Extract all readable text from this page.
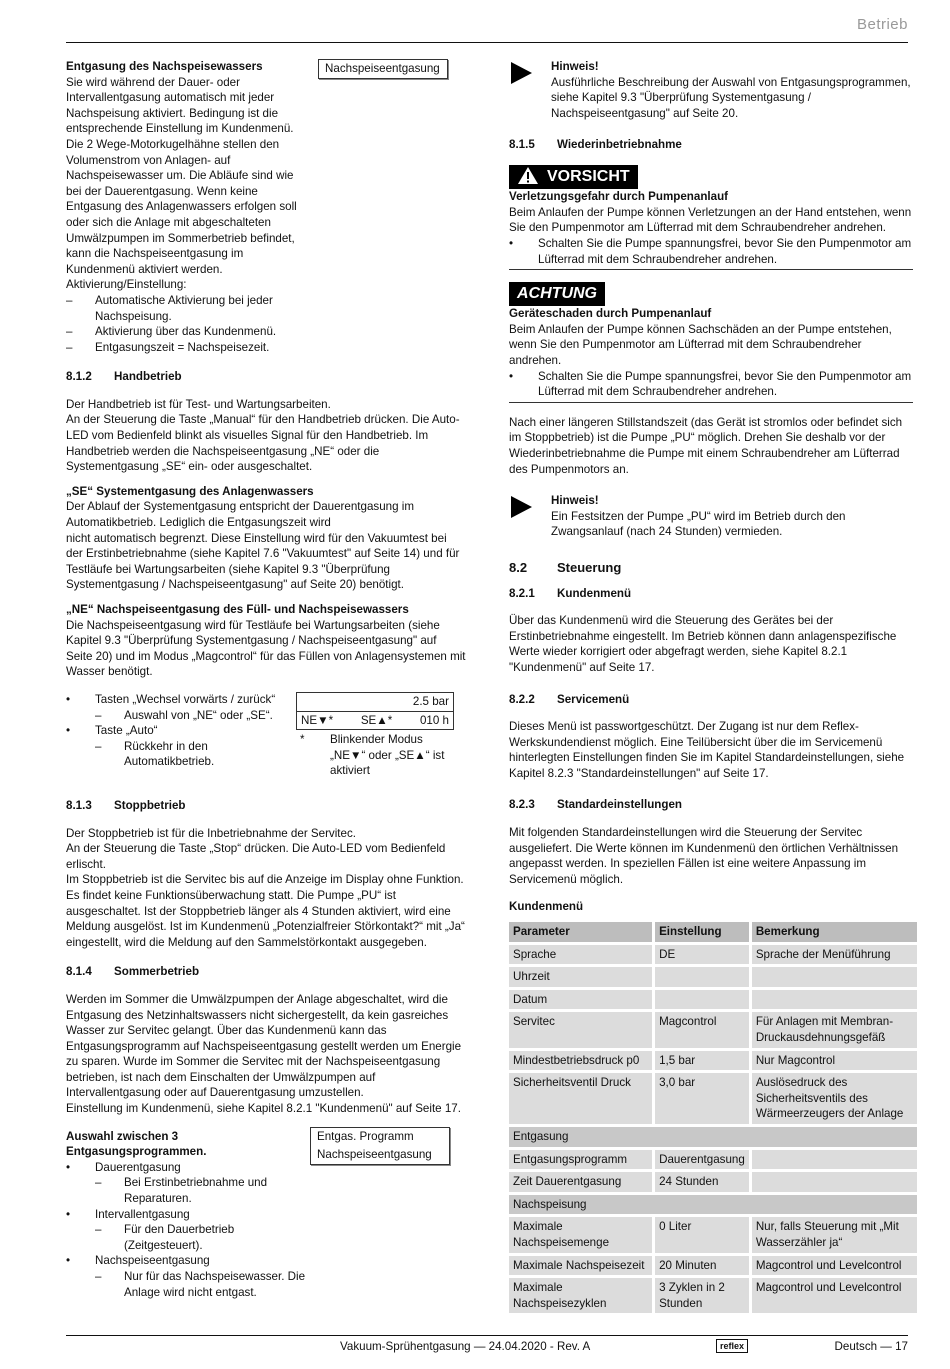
Betrieb
Entgasung des Nachspeisewassers
Sie wird während der Dauer- oder Intervallentgasung automatisch mit jeder Nachspeisung aktiviert. Bedingung ist die entsprechende Einstellung im Kundenmenü.
Die 2 Wege-Motorkugelhähne stellen den Volumenstrom von Anlagen- auf Nachspeisewasser um. Die Abläufe sind wie bei der Dauerentgasung. Wenn keine Entgasung des Anlagenwassers erfolgen soll oder sich die Anlage mit abgeschalteten Umwälzpumpen im Sommerbetrieb befindet, kann die Nachspeiseentgasung im Kundenmenü aktiviert werden.
Aktivierung/Einstellung:
–	Automatische Aktivierung bei jeder Nachspeisung.
–	Aktivierung über das Kundenmenü.
–	Entgasungszeit = Nachspeisezeit.
Nachspeiseentgasung
8.1.2	Handbetrieb
Der Handbetrieb ist für Test- und Wartungsarbeiten.
An der Steuerung die Taste „Manual“ für den Handbetrieb drücken. Die Auto-LED vom Bedienfeld blinkt als visuelles Signal für den Handbetrieb. Im Handbetrieb werden die Nachspeiseentgasung „NE“ oder die Systementgasung „SE“ ein- oder ausgeschaltet.
„SE“ Systementgasung des Anlagenwassers
Der Ablauf der Systementgasung entspricht der Dauerentgasung im Automatikbetrieb. Lediglich die Entgasungszeit wird
nicht automatisch begrenzt. Diese Einstellung wird für den Vakuumtest bei der Erstinbetriebnahme (siehe Kapitel 7.6 "Vakuumtest" auf Seite 14) und für Testläufe bei Wartungsarbeiten (siehe Kapitel 9.3 "Überprüfung Systementgasung / Nachspeiseentgasung" auf Seite 20) benötigt.
„NE“ Nachspeiseentgasung des Füll- und Nachspeisewassers
Die Nachspeiseentgasung wird für Testläufe bei Wartungsarbeiten (siehe Kapitel 9.3 "Überprüfung Systementgasung / Nachspeiseentgasung" auf Seite 20) und im Modus „Magcontrol“ für das Füllen von Anlagensystemen mit Wasser benötigt.
•	Tasten „Wechsel vorwärts / zurück“
–	Auswahl von „NE“ oder „SE“.
•	Taste „Auto“
–	Rückkehr in den Automatikbetrieb.
2.5 bar
NE▼* SE▲* 010 h
*	Blinkender Modus „NE▼“ oder „SE▲“ ist aktiviert
8.1.3	Stoppbetrieb
Der Stoppbetrieb ist für die Inbetriebnahme der Servitec.
An der Steuerung die Taste „Stop“ drücken. Die Auto-LED vom Bedienfeld erlischt.
Im Stoppbetrieb ist die Servitec bis auf die Anzeige im Display ohne Funktion. Es findet keine Funktionsüberwachung statt. Die Pumpe „PU“ ist ausgeschaltet. Ist der Stoppbetrieb länger als 4 Stunden aktiviert, wird eine Meldung ausgelöst. Ist im Kundenmenü „Potenzialfreier Störkontakt?“ mit „Ja“ eingestellt, wird die Meldung auf den Sammelstörkontakt ausgegeben.
8.1.4	Sommerbetrieb
Werden im Sommer die Umwälzpumpen der Anlage abgeschaltet, wird die Entgasung des Netzinhaltswassers nicht sichergestellt, da kein gasreiches Wasser zur Servitec gelangt. Über das Kundenmenü kann das Entgasungsprogramm auf Nachspeiseentgasung gestellt werden um Energie zu sparen. Wurde im Sommer die Servitec mit der Nachspeiseentgasung betrieben, ist nach dem Einschalten der Umwälzpumpen auf Intervallentgasung oder auf Dauerentgasung umzustellen.
Einstellung im Kundenmenü, siehe Kapitel 8.2.1 "Kundenmenü" auf Seite 17.
Auswahl zwischen 3 Entgasungsprogrammen.
•	Dauerentgasung
–	Bei Erstinbetriebnahme und Reparaturen.
•	Intervallentgasung
–	Für den Dauerbetrieb (Zeitgesteuert).
•	Nachspeiseentgasung
–	Nur für das Nachspeisewasser. Die Anlage wird nicht entgast.
Entgas. Programm
Nachspeiseentgasung
Hinweis!
Ausführliche Beschreibung der Auswahl von Entgasungsprogrammen, siehe Kapitel 9.3 "Überprüfung Systementgasung / Nachspeiseentgasung" auf Seite 20.
8.1.5	Wiederinbetriebnahme
VORSICHT
Verletzungsgefahr durch Pumpenanlauf
Beim Anlaufen der Pumpe können Verletzungen an der Hand entstehen, wenn Sie den Pumpenmotor am Lüfterrad mit dem Schraubendreher andrehen.
•	Schalten Sie die Pumpe spannungsfrei, bevor Sie den Pumpenmotor am Lüfterrad mit dem Schraubendreher andrehen.
ACHTUNG
Geräteschaden durch Pumpenanlauf
Beim Anlaufen der Pumpe können Sachschäden an der Pumpe entstehen, wenn Sie den Pumpenmotor am Lüfterrad mit dem Schraubendreher andrehen.
•	Schalten Sie die Pumpe spannungsfrei, bevor Sie den Pumpenmotor am Lüfterrad mit dem Schraubendreher andrehen.
Nach einer längeren Stillstandszeit (das Gerät ist stromlos oder befindet sich im Stoppbetrieb) ist die Pumpe „PU“ möglich. Drehen Sie deshalb vor der Wiederinbetriebnahme die Pumpe mit einem Schraubendreher am Lüfterrad des Pumpenmotors an.
Hinweis!
Ein Festsitzen der Pumpe „PU“ wird im Betrieb durch den Zwangsanlauf (nach 24 Stunden) vermieden.
8.2	Steuerung
8.2.1	Kundenmenü
Über das Kundenmenü wird die Steuerung des Gerätes bei der Erstinbetriebnahme eingestellt. Im Betrieb können dann anlagenspezifische Werte wieder korrigiert oder abgefragt werden, siehe Kapitel 8.2.1 "Kundenmenü" auf Seite 17.
8.2.2	Servicemenü
Dieses Menü ist passwortgeschützt. Der Zugang ist nur dem Reflex-Werkskundendienst möglich. Eine Teilübersicht über die im Servicemenü hinterlegten Einstellungen finden Sie im Kapitel Standardeinstellungen, siehe Kapitel 8.2.3 "Standardeinstellungen" auf Seite 17.
8.2.3	Standardeinstellungen
Mit folgenden Standardeinstellungen wird die Steuerung der Servitec ausgeliefert. Die Werte können im Kundenmenü den örtlichen Verhältnissen angepasst werden. In speziellen Fällen ist eine weitere Anpassung im Servicemenü möglich.
Kundenmenü
Parameter	Einstellung	Bemerkung
Sprache	DE	Sprache der Menüführung
Uhrzeit		
Datum		
Servitec	Magcontrol	Für Anlagen mit Membran-Druckausdehnungsgefäß
Mindestbetriebsdruck p0	1,5 bar	Nur Magcontrol
Sicherheitsventil Druck	3,0 bar	Auslösedruck des Sicherheitsventils des Wärmeerzeugers der Anlage
Entgasung		
Entgasungsprogramm	Dauerentgasung	
Zeit Dauerentgasung	24 Stunden	
Nachspeisung		
Maximale Nachspeisemenge	0 Liter	Nur, falls Steuerung mit „Mit Wasserzähler ja“
Maximale Nachspeisezeit	20 Minuten	Magcontrol und Levelcontrol
Maximale Nachspeisezyklen	3 Zyklen in 2 Stunden	Magcontrol und Levelcontrol
Vakuum-Sprühentgasung — 24.04.2020 - Rev. A	reflex	Deutsch — 17
